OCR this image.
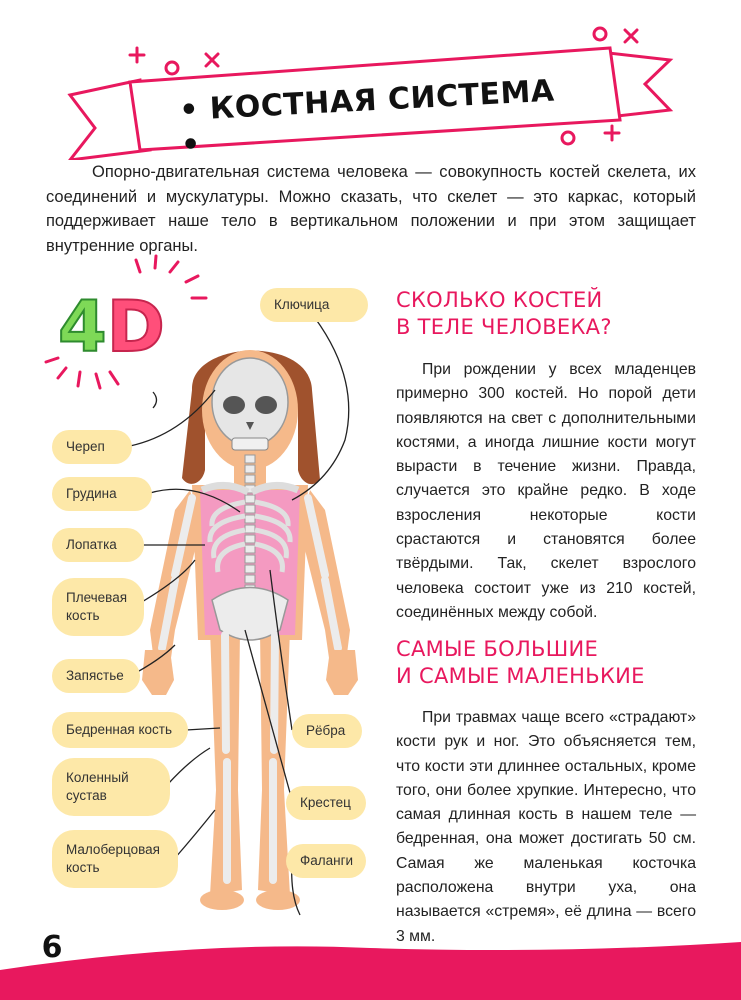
• КОСТНАЯ СИСТЕМА •

Опорно-двигательная система человека — совокупность костей скелета, их соединений и мускулатуры. Можно сказать, что скелет — это каркас, который поддерживает наше тело в вертикальном положении и при этом защищает внутренние органы.

4D	Ключица
Череп
Грудина
Лопатка
Плечевая кость
Запястье
Бедренная кость	Рёбра
Коленный сустав	Крестец
Малоберцовая кость	Фаланги
СКОЛЬКО КОСТЕЙ
В ТЕЛЕ ЧЕЛОВЕКА?

При рождении у всех младенцев примерно 300 костей. Но порой дети появляются на свет с дополнительными костями, а иногда лишние кости могут вырасти в течение жизни. Правда, случается это крайне редко. В ходе взросления некоторые кости срастаются и становятся более твёрдыми. Так, скелет взрослого человека состоит уже из 210 костей, соединённых между собой.

САМЫЕ БОЛЬШИЕ
И САМЫЕ МАЛЕНЬКИЕ

При травмах чаще всего «страдают» кости рук и ног. Это объясняется тем, что кости эти длиннее остальных, кроме того, они более хрупкие. Интересно, что самая длинная кость в нашем теле — бедренная, она может достигать 50 см. Самая же маленькая косточка расположена внутри уха, она называется «стремя», её длина — всего 3 мм.

6
